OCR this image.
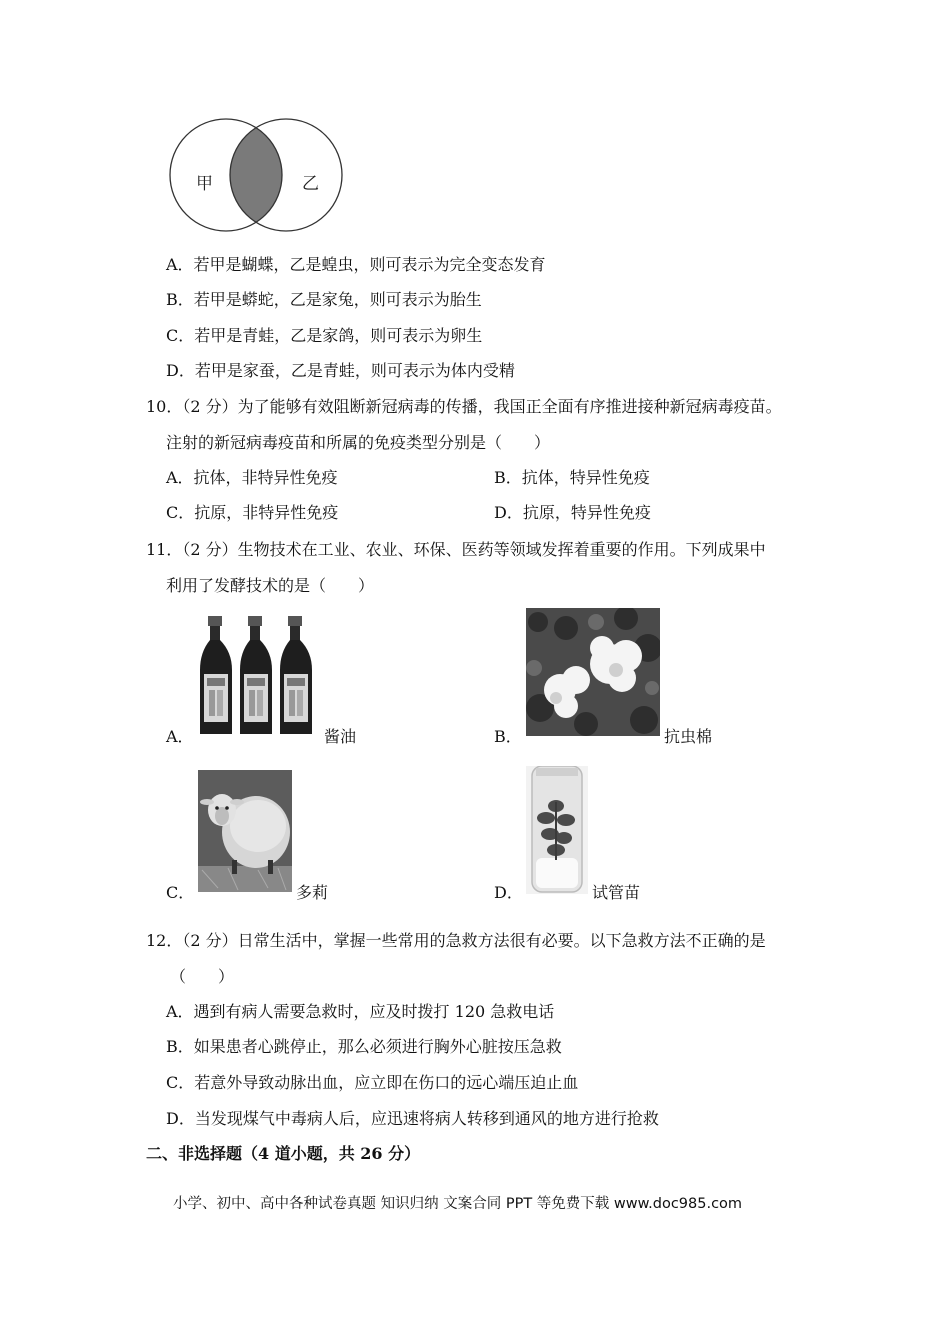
甲	乙
A．若甲是蝴蝶，乙是蝗虫，则可表示为完全变态发育
B．若甲是蟒蛇，乙是家兔，则可表示为胎生
C．若甲是青蛙，乙是家鸽，则可表示为卵生
D．若甲是家蚕，乙是青蛙，则可表示为体内受精
10．（2 分）为了能够有效阻断新冠病毒的传播，我国正全面有序推进接种新冠病毒疫苗。
注射的新冠病毒疫苗和所属的免疫类型分别是（　　）
A．抗体，非特异性免疫	B．抗体，特异性免疫
C．抗原，非特异性免疫	D．抗原，特异性免疫
11．（2 分）生物技术在工业、农业、环保、医药等领域发挥着重要的作用。下列成果中
利用了发酵技术的是（　　）
A．	酱油	B．	抗虫棉
C．	多莉	D．	试管苗
12．（2 分）日常生活中，掌握一些常用的急救方法很有必要。以下急救方法不正确的是
（　　）
A．遇到有病人需要急救时，应及时拨打 120 急救电话
B．如果患者心跳停止，那么必须进行胸外心脏按压急救
C．若意外导致动脉出血，应立即在伤口的远心端压迫止血
D．当发现煤气中毒病人后，应迅速将病人转移到通风的地方进行抢救
二、非选择题（4 道小题，共 26 分）
小学、初中、高中各种试卷真题 知识归纳 文案合同 PPT 等免费下载 www.doc985.com
